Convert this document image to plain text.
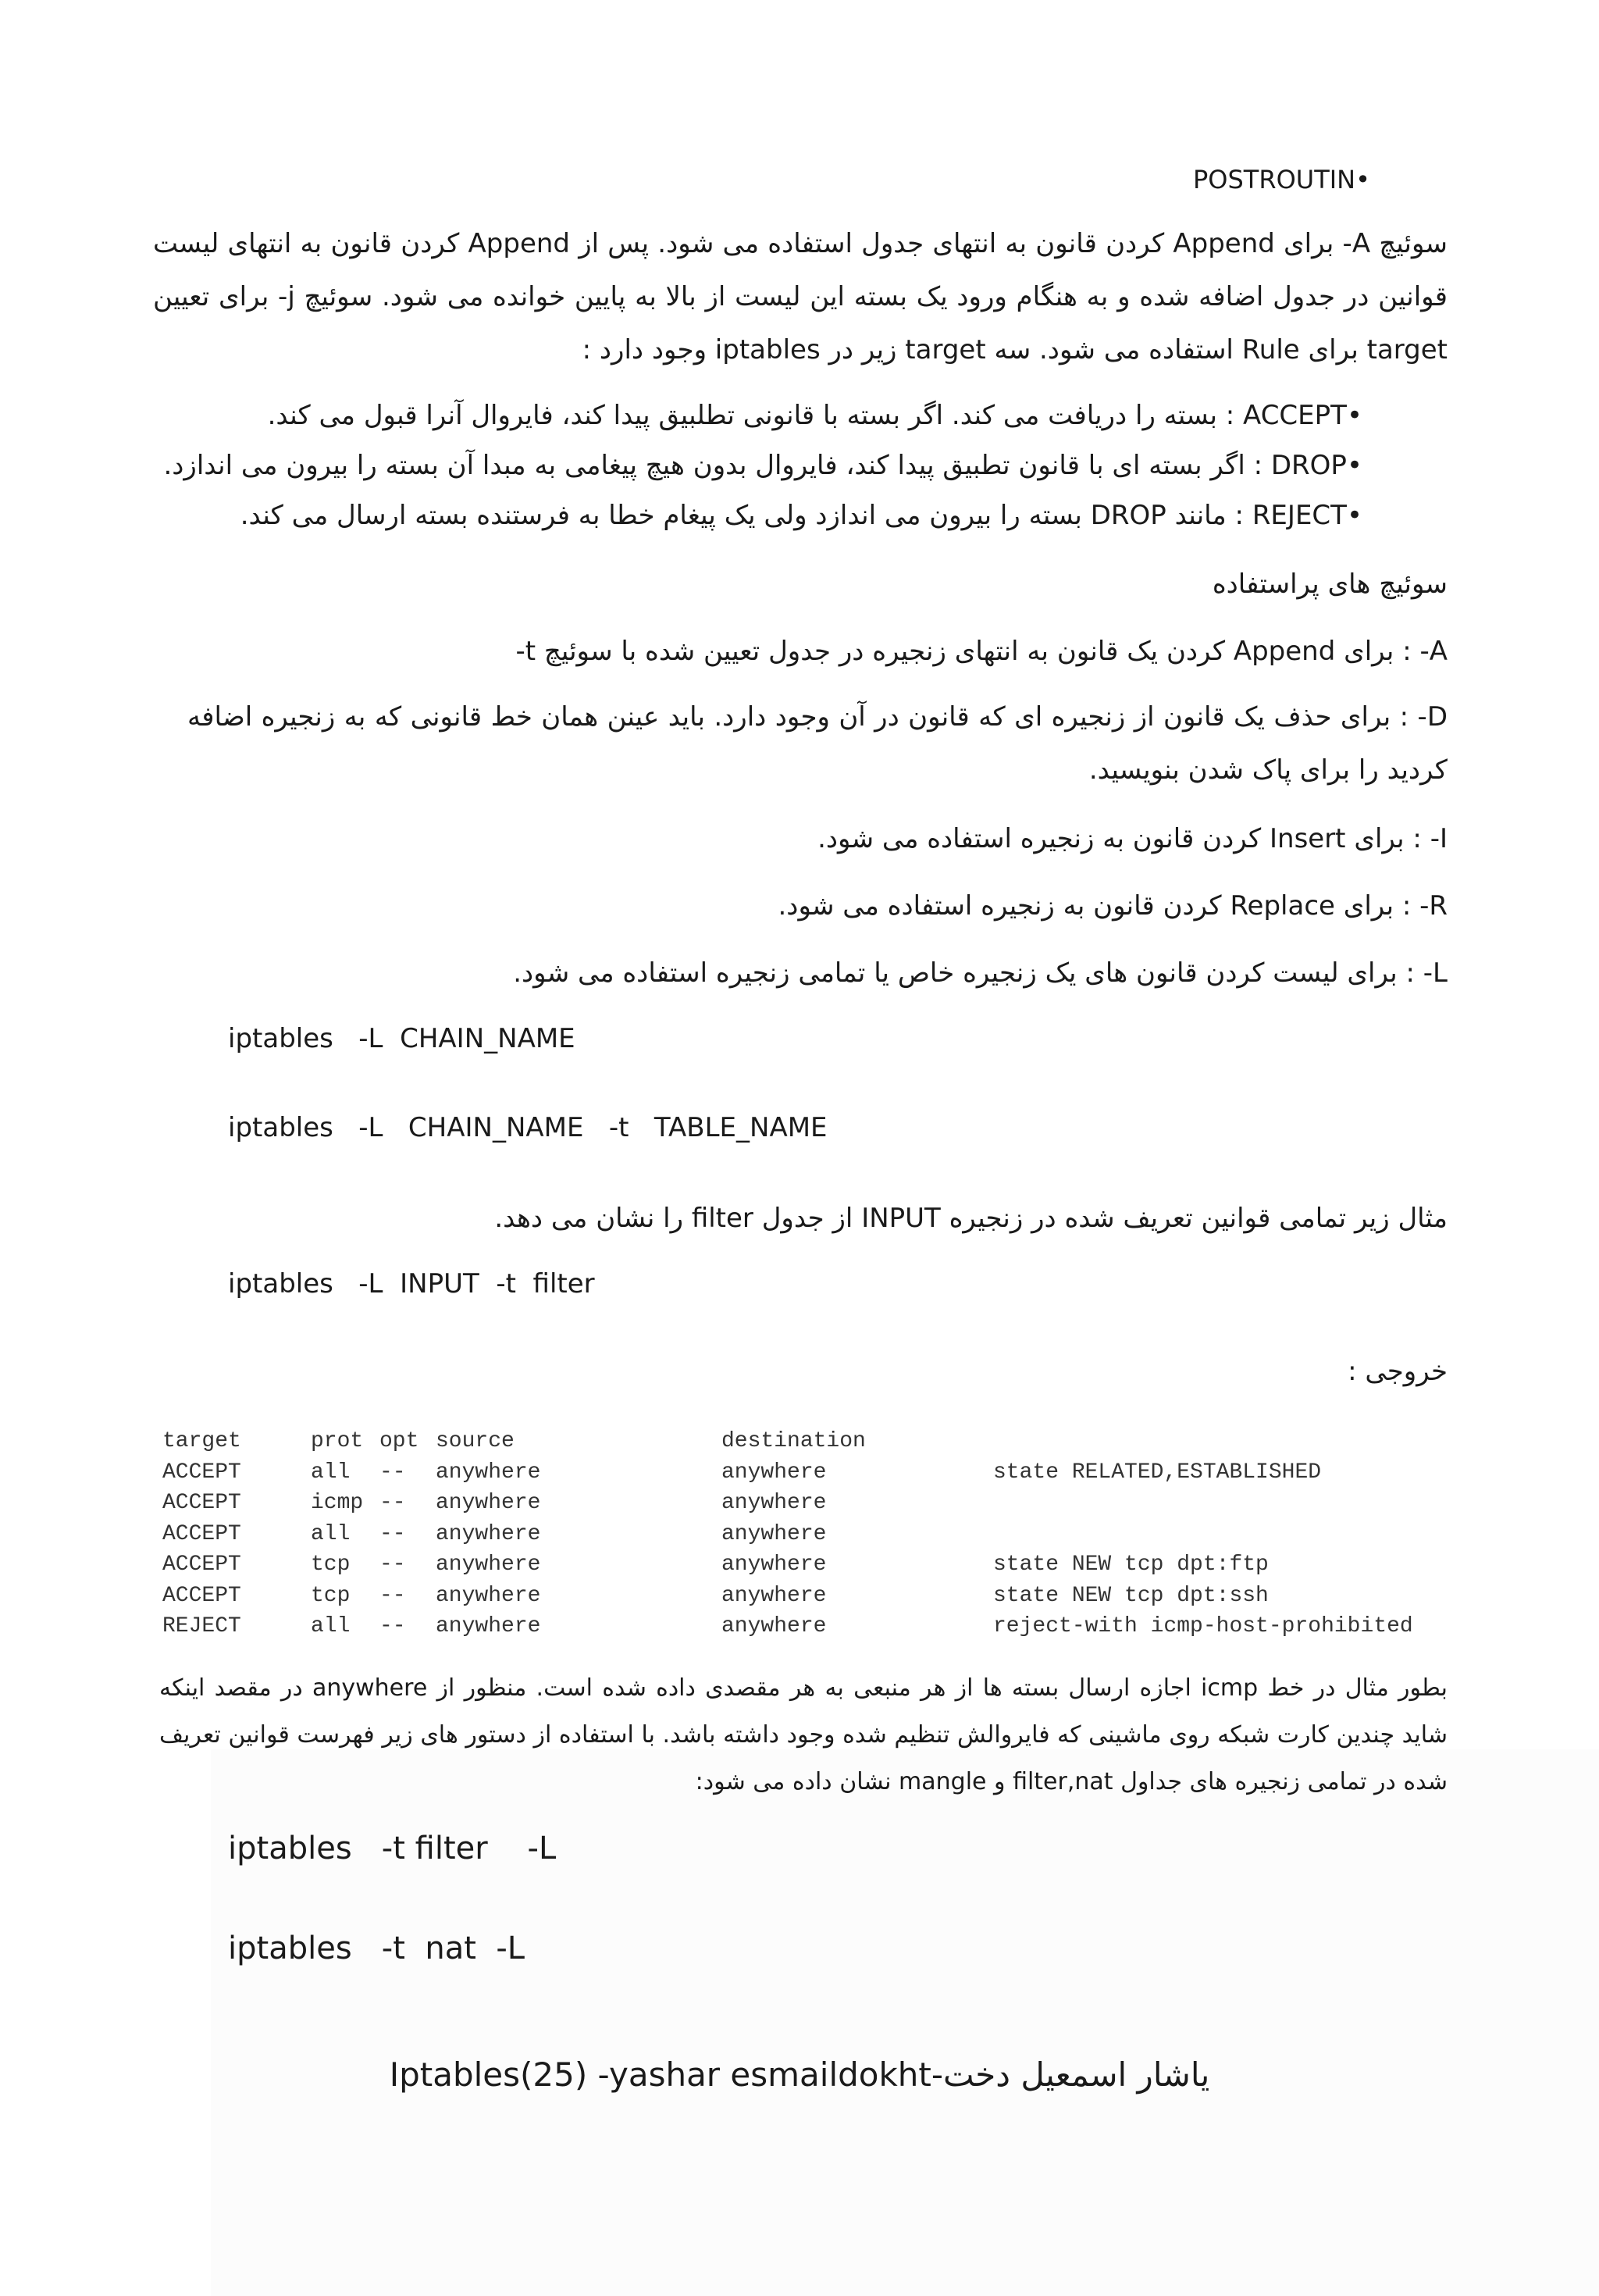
POSTROUTIN•
سوئیچ A- برای Append کردن قانون به انتهای جدول استفاده می شود. پس از Append کردن قانون به انتهای لیست قوانین در جدول اضافه شده و به هنگام ورود یک بسته این لیست از بالا به پایین خوانده می شود. سوئیچ j- برای تعیین target برای Rule استفاده می شود. سه target زیر در iptables وجود دارد :
•ACCEPT : بسته را دریافت می کند. اگر بسته با قانونی تطلبیق پیدا کند، فایروال آنرا قبول می کند.
•DROP : اگر بسته ای با قانون تطبیق پیدا کند، فایروال بدون هیچ پیغامی به مبدا آن بسته را بیرون می اندازد.
•REJECT : مانند DROP بسته را بیرون می اندازد ولی یک پیغام خطا به فرستنده بسته ارسال می کند.
سوئیچ های پراستفاده
A- : برای Append کردن یک قانون به انتهای زنجیره در جدول تعیین شده با سوئیچ t-
D- : برای حذف یک قانون از زنجیره ای که قانون در آن وجود دارد. باید عینن همان خط قانونی که به زنجیره اضافه کردید را برای پاک شدن بنویسید.
I- : برای Insert کردن قانون به زنجیره استفاده می شود.
R- : برای Replace کردن قانون به زنجیره استفاده می شود.
L- : برای لیست کردن قانون های یک زنجیره خاص یا تمامی زنجیره استفاده می شود.
iptables   -L  CHAIN_NAME
iptables   -L   CHAIN_NAME   -t   TABLE_NAME
مثال زیر تمامی قوانین تعریف شده در زنجیره INPUT از جدول filter را نشان می دهد.
iptables   -L  INPUT  -t  filter
خروجی :
target	prot	opt	source	destination	
ACCEPT	all	--	anywhere	anywhere	state RELATED,ESTABLISHED
ACCEPT	icmp	--	anywhere	anywhere	
ACCEPT	all	--	anywhere	anywhere	
ACCEPT	tcp	--	anywhere	anywhere	state NEW tcp dpt:ftp
ACCEPT	tcp	--	anywhere	anywhere	state NEW tcp dpt:ssh
REJECT	all	--	anywhere	anywhere	reject-with icmp-host-prohibited
بطور مثال در خط icmp اجازه ارسال بسته ها از هر منبعی به هر مقصدی داده شده است. منظور از anywhere در مقصد اینکه شاید چندین کارت شبکه روی ماشینی که فایروالش تنظیم شده وجود داشته باشد. با استفاده از دستور های زیر فهرست قوانین تعریف شده در تمامی زنجیره های جداول filter,nat و mangle نشان داده می شود:
iptables   -t filter    -L
iptables   -t  nat  -L
یاشار اسمعیل دخت-Iptables(25) -yashar esmaildokht
